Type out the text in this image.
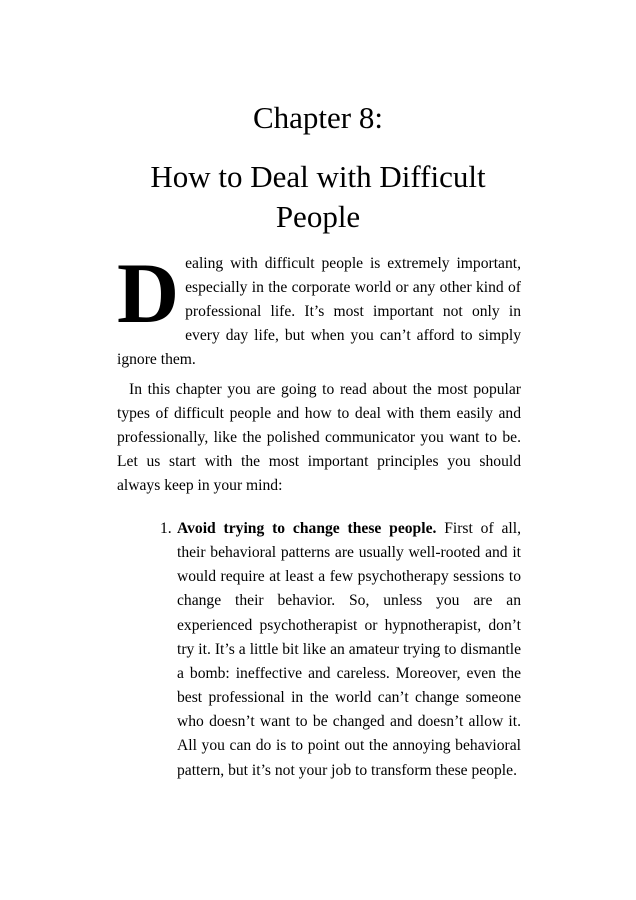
Chapter 8:
How to Deal with Difficult
People

Dealing with difficult people is extremely important, especially in the corporate world or any other kind of professional life. It’s most important not only in every day life, but when you can’t afford to simply ignore them.

In this chapter you are going to read about the most popular types of difficult people and how to deal with them easily and professionally, like the polished communicator you want to be. Let us start with the most important principles you should always keep in your mind:

1. Avoid trying to change these people. First of all, their behavioral patterns are usually well-rooted and it would require at least a few psychotherapy sessions to change their behavior. So, unless you are an experienced psychotherapist or hypnotherapist, don’t try it. It’s a little bit like an amateur trying to dismantle a bomb: ineffective and careless. Moreover, even the best professional in the world can’t change someone who doesn’t want to be changed and doesn’t allow it. All you can do is to point out the annoying behavioral pattern, but it’s not your job to transform these people.
